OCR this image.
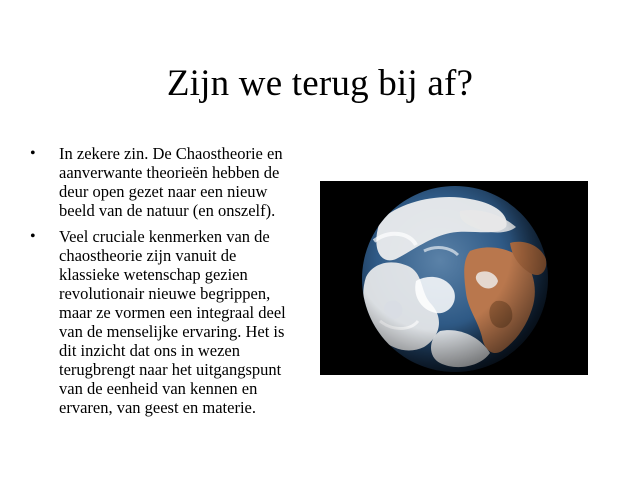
Zijn we terug bij af?
• In zekere zin. De Chaostheorie en aanverwante theorieën hebben de deur open gezet naar een nieuw beeld van de natuur (en onszelf).
• Veel cruciale kenmerken van de chaostheorie zijn vanuit de klassieke wetenschap gezien revolutionair nieuwe begrippen, maar ze vormen een integraal deel van de menselijke ervaring. Het is dit inzicht dat ons in wezen terugbrengt naar het uitgangspunt van de eenheid van kennen en ervaren, van geest en materie.
